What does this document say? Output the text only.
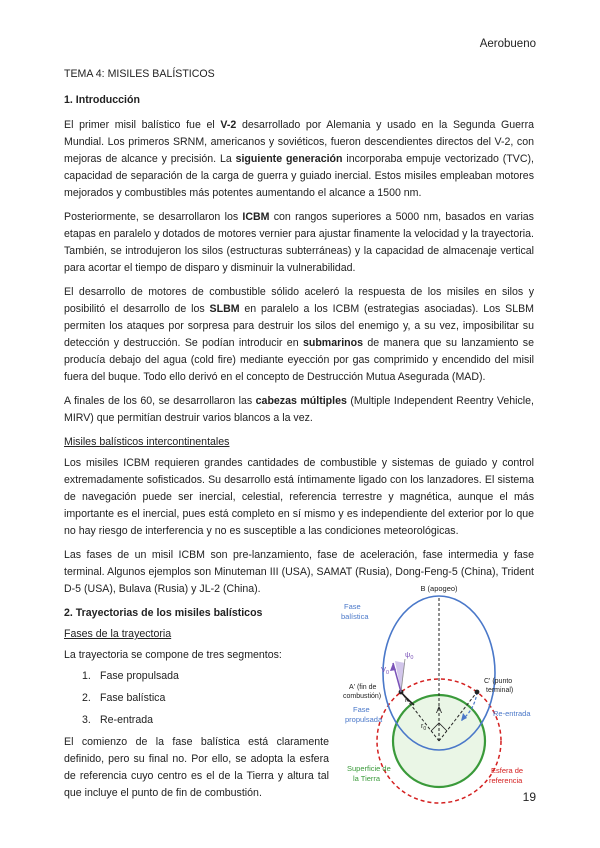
Aerobueno
TEMA 4: MISILES BALÍSTICOS
1. Introducción

El primer misil balístico fue el V-2 desarrollado por Alemania y usado en la Segunda Guerra Mundial. Los primeros SRNM, americanos y soviéticos, fueron descendientes directos del V-2, con mejoras de alcance y precisión. La siguiente generación incorporaba empuje vectorizado (TVC), capacidad de separación de la carga de guerra y guiado inercial. Estos misiles empleaban motores mejorados y combustibles más potentes aumentando el alcance a 1500 nm.

Posteriormente, se desarrollaron los ICBM con rangos superiores a 5000 nm, basados en varias etapas en paralelo y dotados de motores vernier para ajustar finamente la velocidad y la trayectoria. También, se introdujeron los silos (estructuras subterráneas) y la capacidad de almacenaje vertical para acortar el tiempo de disparo y disminuir la vulnerabilidad.

El desarrollo de motores de combustible sólido aceleró la respuesta de los misiles en silos y posibilitó el desarrollo de los SLBM en paralelo a los ICBM (estrategias asociadas). Los SLBM permiten los ataques por sorpresa para destruir los silos del enemigo y, a su vez, imposibilitar su detección y destrucción. Se podían introducir en submarinos de manera que su lanzamiento se producía debajo del agua (cold fire) mediante eyección por gas comprimido y encendido del misil fuera del buque. Todo ello derivó en el concepto de Destrucción Mutua Asegurada (MAD).

A finales de los 60, se desarrollaron las cabezas múltiples (Multiple Independent Reentry Vehicle, MIRV) que permitían destruir varios blancos a la vez.

Misiles balísticos intercontinentales

Los misiles ICBM requieren grandes cantidades de combustible y sistemas de guiado y control extremadamente sofisticados. Su desarrollo está íntimamente ligado con los lanzadores. El sistema de navegación puede ser inercial, celestial, referencia terrestre y magnética, aunque el más importante es el inercial, pues está completo en sí mismo y es independiente del exterior por lo que no hay riesgo de interferencia y no es susceptible a las condiciones meteorológicas.

Las fases de un misil ICBM son pre-lanzamiento, fase de aceleración, fase intermedia y fase terminal. Algunos ejemplos son Minuteman III (USA), SAMAT (Rusia), Dong-Feng-5 (China), Trident D-5 (USA), Bulava (Rusia) y JL-2 (China).

2. Trayectorias de los misiles balísticos
Fases de la trayectoria

La trayectoria se compone de tres segmentos:

1. Fase propulsada
2. Fase balística
3. Re-entrada

El comienzo de la fase balística está claramente definido, pero su final no. Por ello, se adopta la esfera de referencia cuyo centro es el de la Tierra y altura tal que incluye el punto de fin de combustión.

B (apogeo)
Fase
balística
$V_0$
$\psi_0$
A' (fin de
combustión)
C' (punto
terminal)
h
Λ
Fase
propulsada
Re-entrada
$r_0$
Superficie de
la Tierra
Esfera de
referencia
19
